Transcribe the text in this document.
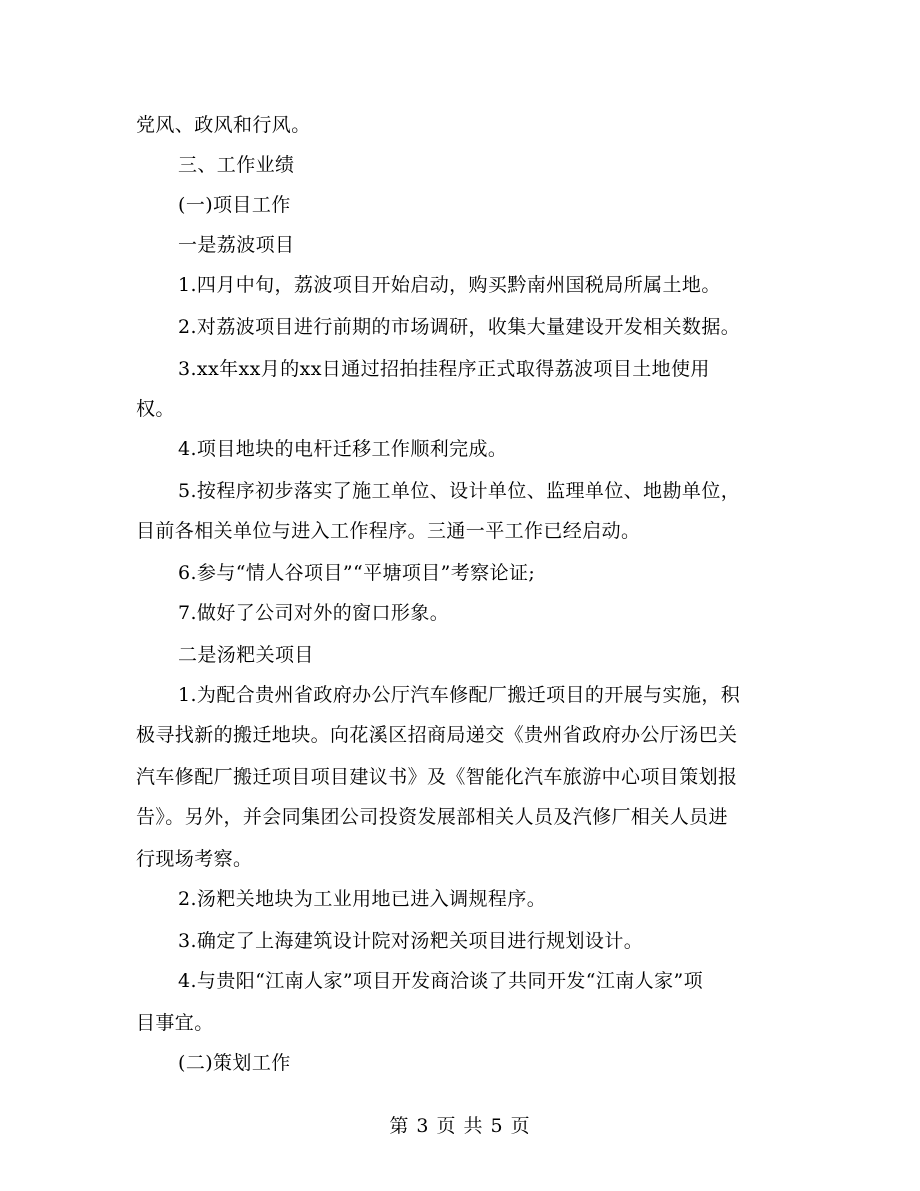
党风、政风和行风。
三、工作业绩
(一)项目工作
一是荔波项目
1.四月中旬，荔波项目开始启动，购买黔南州国税局所属土地。
2.对荔波项目进行前期的市场调研，收集大量建设开发相关数据。
3.xx年xx月的xx日通过招拍挂程序正式取得荔波项目土地使用
权。
4.项目地块的电杆迁移工作顺利完成。
5.按程序初步落实了施工单位、设计单位、监理单位、地勘单位，
目前各相关单位与进入工作程序。三通一平工作已经启动。
6.参与“情人谷项目”“平塘项目”考察论证;
7.做好了公司对外的窗口形象。
二是汤粑关项目
1.为配合贵州省政府办公厅汽车修配厂搬迁项目的开展与实施，积
极寻找新的搬迁地块。向花溪区招商局递交《贵州省政府办公厅汤巴关
汽车修配厂搬迁项目项目建议书》及《智能化汽车旅游中心项目策划报
告》。另外，并会同集团公司投资发展部相关人员及汽修厂相关人员进
行现场考察。
2.汤粑关地块为工业用地已进入调规程序。
3.确定了上海建筑设计院对汤粑关项目进行规划设计。
4.与贵阳“江南人家”项目开发商洽谈了共同开发“江南人家”项
目事宜。
(二)策划工作
第 3 页 共 5 页
